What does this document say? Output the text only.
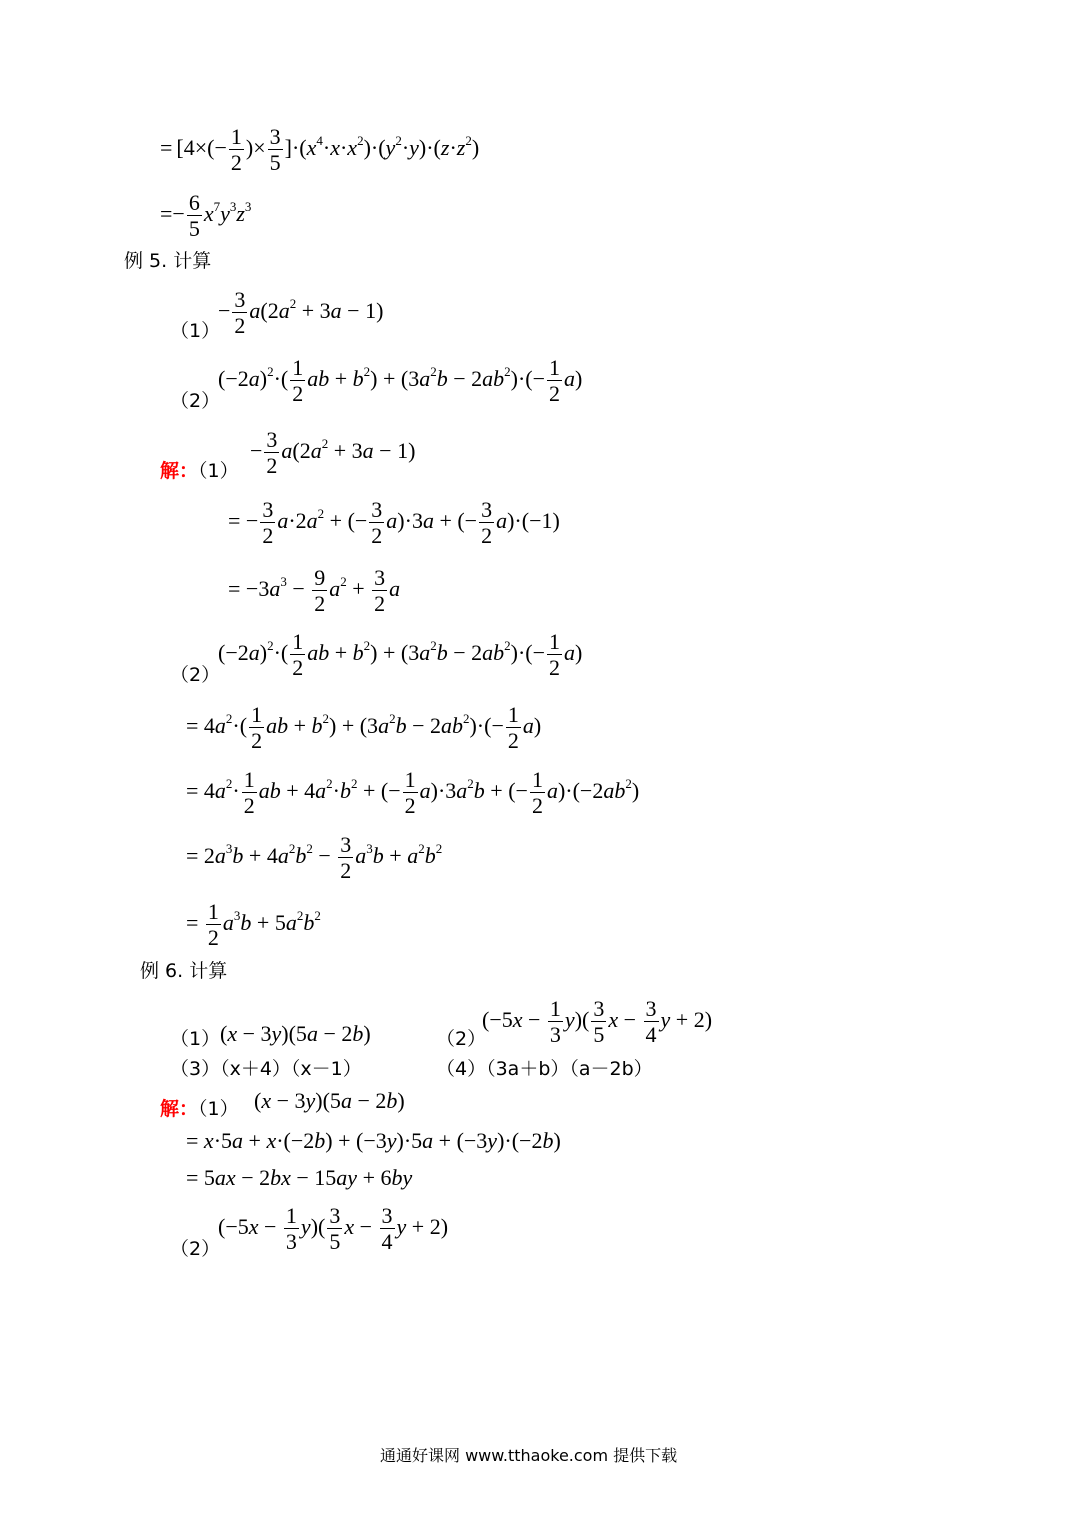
= [$4\times(- \frac{1}{2}$ )× $\frac{3}{5} ]\cdot(x^4\cdot x\cdot x^2)\cdot(y^2\cdot y)\cdot(z\cdot z^2)$
=− $\frac{6}{5} x^7y^3z^3$
例 5. 计算
− $\frac{3}{2} a(2a^2 + 3a - 1)$
（1）
$(-2a)^2\cdot( \frac{1}{2}$ ab + $b^2) + (3a^2b - 2ab^2)\cdot(- \frac{1}{2} a)$
（2）
解：（1）
− $\frac{3}{2} a(2a^2 + 3a - 1)$
= − $\frac{3}{2} a\cdot 2a^2$ + (− $\frac{3}{2} a)\cdot 3a$ + (− $\frac{3}{2} a)\cdot(-1)$
= $-3a^3 - \frac{9}{2} a^2 + \frac{3}{2}$ a
$(-2a)^2\cdot( \frac{1}{2}$ ab + $b^2) + (3a^2b - 2ab^2)\cdot(- \frac{1}{2} a)$
（2）
= $4a^2\cdot( \frac{1}{2}$ ab + $b^2) + (3a^2b - 2ab^2)\cdot(- \frac{1}{2} a)$
= $4a^2\cdot \frac{1}{2}$ ab + $4a^2\cdot b^2$ + (− $\frac{1}{2} a)\cdot 3a^2b$ + (− $\frac{1}{2} a)\cdot(-2ab^2)$
= $2a^3b + 4a^2b^2 - \frac{3}{2} a^3b + a^2b^2$
= $\frac{1}{2} a^3b + 5a^2b^2$
例 6. 计算
（1） (x − 3y)(5a − 2b)	（2）
$(-5x - \frac{1}{3} y)( \frac{3}{5}$ $x - \frac{3}{4}$ y + 2)
（3）（x＋4）（x－1）	（4）（3a＋b）（a－2b）
解：（1） (x − 3y)(5a − 2b)
= x·5a + x·(−2b) + (−3y)·5a + (−3y)·(−2b)
= 5ax − 2bx − 15ay + 6by
$(-5x - \frac{1}{3} y)( \frac{3}{5}$ $x - \frac{3}{4}$ y + 2)
（2）
通通好课网 www.tthaoke.com 提供下载
